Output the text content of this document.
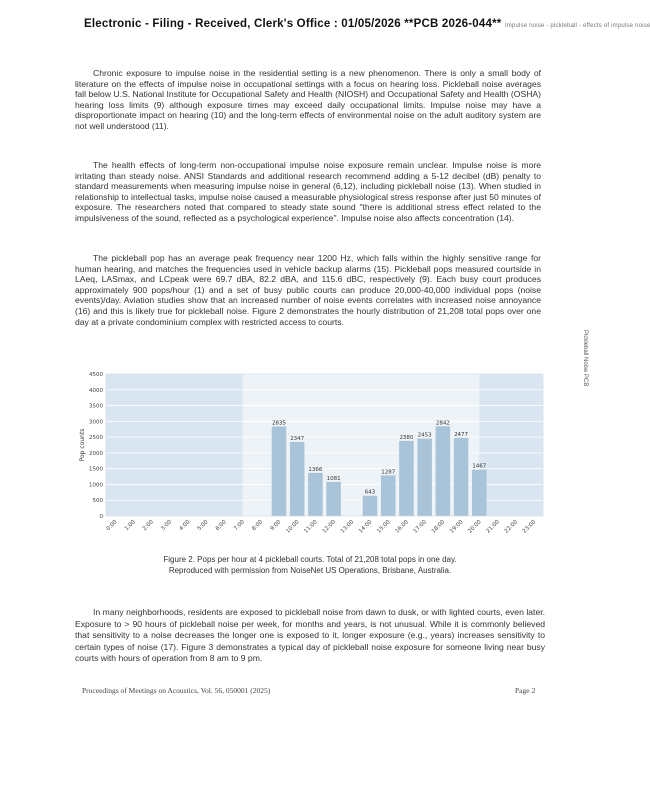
Electronic - Filing - Received, Clerk's Office : 01/05/2026 **PCB 2026-044** Impulse noise - pickleball - effects of impulse noise
Pickleball Noise PCB

Chronic exposure to impulse noise in the residential setting is a new phenomenon. There is only a small body of literature on the effects of impulse noise in occupational settings with a focus on hearing loss. Pickleball noise averages fall below U.S. National Institute for Occupational Safety and Health (NIOSH) and Occupational Safety and Health (OSHA) hearing loss limits (9) although exposure times may exceed daily occupational limits. Impulse noise may have a disproportionate impact on hearing (10) and the long-term effects of environmental noise on the adult auditory system are not well understood (11).

The health effects of long-term non-occupational impulse noise exposure remain unclear. Impulse noise is more irritating than steady noise. ANSI Standards and additional research recommend adding a 5-12 decibel (dB) penalty to standard measurements when measuring impulse noise in general (6,12), including pickleball noise (13). When studied in relationship to intellectual tasks, impulse noise caused a measurable physiological stress response after just 50 minutes of exposure. The researchers noted that compared to steady state sound "there is additional stress effect related to the impulsiveness of the sound, reflected as a psychological experience". Impulse noise also affects concentration (14).

The pickleball pop has an average peak frequency near 1200 Hz, which falls within the highly sensitive range for human hearing, and matches the frequencies used in vehicle backup alarms (15). Pickleball pops measured courtside in LAeq, LASmax, and LCpeak were 69.7 dBA, 82.2 dBA, and 115.6 dBC, respectively (9). Each busy court produces approximately 900 pops/hour (1) and a set of busy public courts can produce 20,000-40,000 individual pops (noise events)/day. Aviation studies show that an increased number of noise events correlates with increased noise annoyance (16) and this is likely true for pickleball noise. Figure 2 demonstrates the hourly distribution of 21,208 total pops over one day at a private condominium complex with restricted access to courts.

0
500
1000
1500
2000
2500
3000
3500
4000
4500
Pop counts
0:00 1:00 2:00 3:00 4:00 5:00 6:00 7:00 8:00
2835
9:00
2347
10:00
1366
11:00
1081
12:00 13:00
643
14:00
1287
15:00
2380
16:00
2453
17:00
2842
18:00
2477
19:00
1467
20:00 21:00 22:00 23:00
Figure 2. Pops per hour at 4 pickleball courts. Total of 21,208 total pops in one day.
Reproduced with permission from NoiseNet US Operations, Brisbane, Australia.

In many neighborhoods, residents are exposed to pickleball noise from dawn to dusk, or with lighted courts, even later. Exposure to > 90 hours of pickleball noise per week, for months and years, is not unusual. While it is commonly believed that sensitivity to a noise decreases the longer one is exposed to it, longer exposure (e.g., years) increases sensitivity to certain types of noise (17). Figure 3 demonstrates a typical day of pickleball noise exposure for someone living near busy courts with hours of operation from 8 am to 9 pm.

Proceedings of Meetings on Acoustics, Vol. 56, 050001 (2025)	Page 2
